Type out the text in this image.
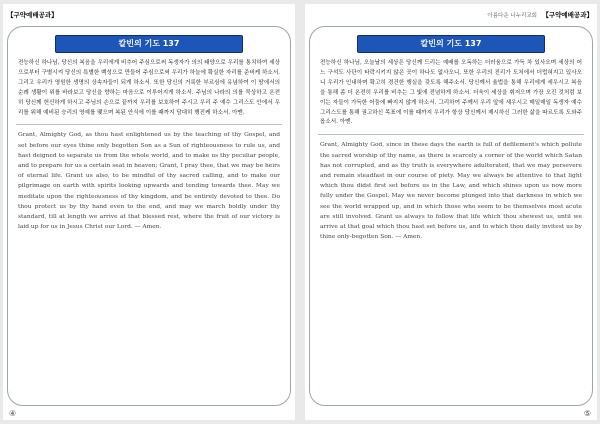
【구약예배공과】
칼빈의 기도 137
전능하신 하나님, 당신의 복음을 우리에게 비추어 주심으로써 독생자가 의의 태양으로 우리를 통치하여 세상으로부터 구별시켜 당신의 특별한 백성으로 만들어 주심으로써 우리가 하늘에 확실한 자리를 준비케 하소서. 그리고 우리가 영원한 생명의 상속자들이 되게 하소서. 또한 당신의 거룩한 부르심에 유념하여 이 땅에서의 순례 생활이 위를 바라보고 당신을 향하는 마음으로 이루어지게 하소서. 주님의 나라의 의를 묵상하고 온전히 당신께 헌신하게 하시고 주님의 손으로 끝까지 우리를 보호하여 주시고 우리 주 예수 그리스도 안에서 우리를 위해 예비된 승리의 영예를 맺으며 복된 안식에 이를 때까지 담대히 행진케 하소서. 아멘.
Grant, Almighty God, as thou hast enlightened us by the teaching of thy Gospel, and set before our eyes thine only begotten Son as a Sun of righteousness to rule us, and hast deigned to separate us from the whole world, and to make us thy peculiar people, and to prepare for us a certain seat in heaven; Grant, I pray thee, that we may be heirs of eternal life. Grant us also, to be mindful of thy sacred calling, and to make our pilgrimage on earth with spirits looking upwards and tending towards thee. May we meditate upon the righteousness of thy kingdom, and be entirely devoted to thee. Do thou protect us by thy hand even to the end, and may we march boldly under thy standard, till at length we arrive at that blessed rest, where the fruit of our victory is laid up for us in Jesus Christ our Lord. — Amen.
④
아름다운 나누리교회 【구약예배공과】
칼빈의 기도 137
전능하신 하나님, 오늘날의 세상은 당신께 드리는 예배를 오독하는 더러움으로 가득 차 있사오며 세상의 어느 구석도 사단이 타락시키지 않은 곳이 하나도 없사오니, 또한 우리의 진리가 도처에서 더럽혀지고 있사오니 우리가 인내하며 확고히 경건한 행실을 갖도록 해주소서. 당신께서 율법을 통해 우리에게 세우시고 복음을 통해 좀 더 온전히 우리를 비추는 그 빛에 전념하게 하소서. 더욱이 세상을 휘저으며 가장 오진 것처럼 보이는 자들이 가득한 어둠에 빠지지 않게 하소서. 그리하여 주께서 우리 앞에 세우시고 매일매일 독생자 예수 그리스도를 통해 권고하신 목표에 이를 때까지 우리가 항상 당신께서 제시하신 그러한 삶을 따르도록 도와주옵소서. 아멘.
Grant, Almighty God, since in these days the earth is full of defilement's which pollute the sacred worship of thy name, as there is scarcely a corner of the world which Satan has not corrupted, and as thy truth is everywhere adulterated, that we may persevere and remain steadfast in our course of piety. May we always be attentive to that light which thou didst first set before us in the Law, and which shines upon us now more fully under the Gospel. May we never become plunged into that darkness in which we see the world wrapped up, and in which those who seem to be themselves most acute are still involved. Grant us always to follow that life which thou shewest us, until we arrive at that goal which thou hast set before us, and to which thou daily invitest us by thine only-begotten Son. — Amen.
⑤
